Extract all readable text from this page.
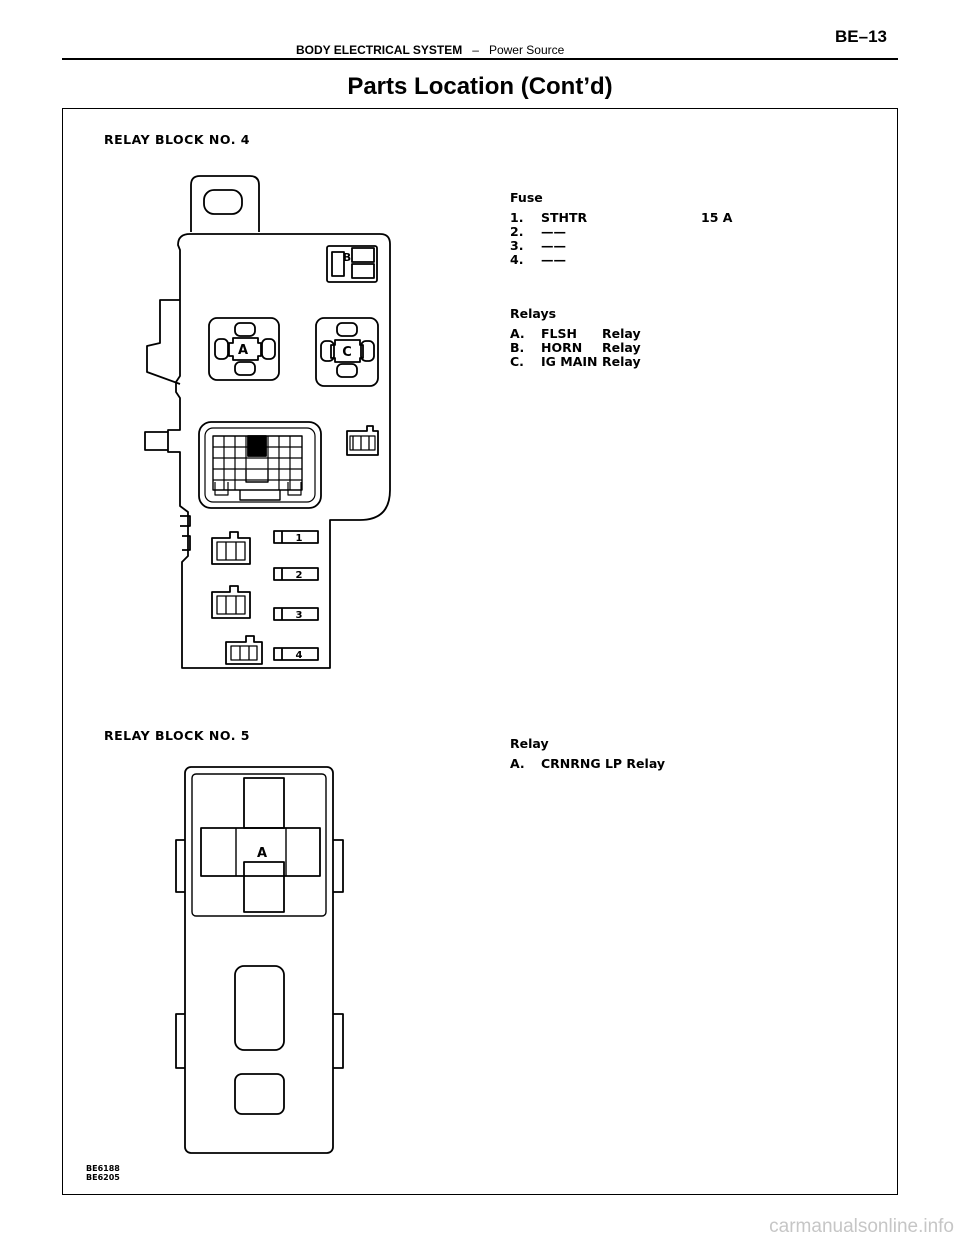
BODY ELECTRICAL SYSTEM – Power Source
BE–13
Parts Location (Cont’d)
RELAY BLOCK NO. 4
Fuse
1. STHTR	15 A
2. ——
3. ——
4. ——
Relays
A. FLSH Relay
B. HORN Relay
C. IG MAIN Relay
RELAY BLOCK NO. 5
Relay
A. CRNRNG LP Relay
A
B
C
1
2
3
4
A
BE6188
BE6205
carmanualsonline.info
